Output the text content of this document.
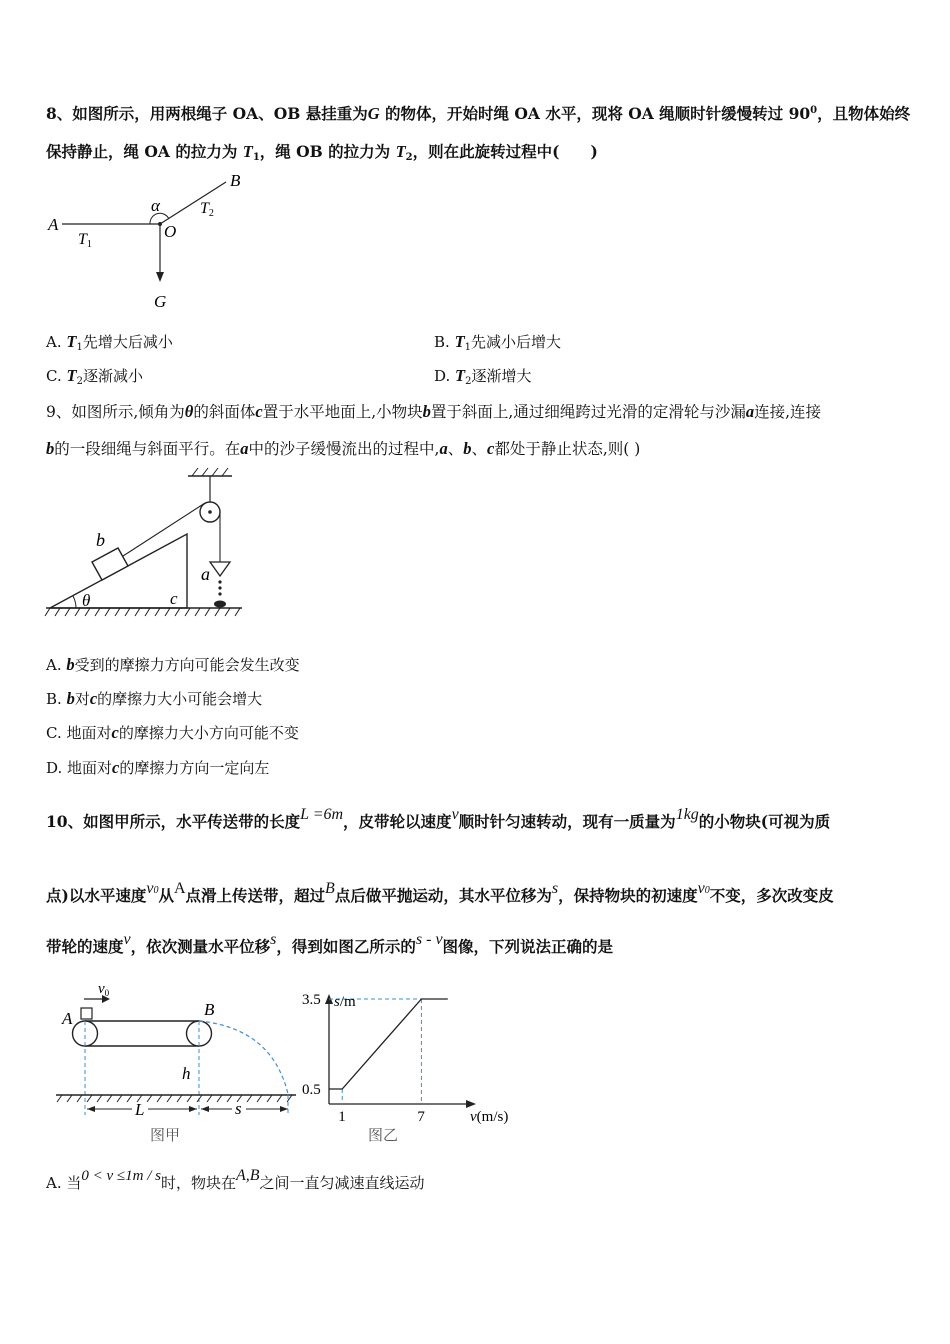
8、如图所示，用两根绳子 OA、OB 悬挂重为G 的物体，开始时绳 OA 水平，现将 OA 绳顺时针缓慢转过 $90^0$，且物体始终
保持静止，绳 OA 的拉力为 $T_1$，绳 OB 的拉力为 $T_2$，则在此旋转过程中(　　)
A
T1
α
O
B
T2
G
A. $T_1$先增大后减小	B. $T_1$先减小后增大
C. $T_2$逐渐减小	D. $T_2$逐渐增大
9、如图所示,倾角为θ的斜面体c置于水平地面上,小物块b置于斜面上,通过细绳跨过光滑的定滑轮与沙漏a连接,连接
b的一段细绳与斜面平行。在a中的沙子缓慢流出的过程中,a、b、c都处于静止状态,则( )
b
a
θ	c
A. b受到的摩擦力方向可能会发生改变
B. b对c的摩擦力大小可能会增大
C. 地面对c的摩擦力大小方向可能不变
D. 地面对c的摩擦力方向一定向左
10、如图甲所示，水平传送带的长度L =6m，皮带轮以速度v顺时针匀速转动，现有一质量为1kg的小物块(可视为质
点)以水平速度$v^0$从A点滑上传送带，超过B点后做平抛运动，其水平位移为s，保持物块的初速度$v^0$不变，多次改变皮
带轮的速度v，依次测量水平位移s，得到如图乙所示的s - v图像，下列说法正确的是
$v_0$
A	B
h
L	s
图甲
s/m
3.5
0.5
1	7	v(m/s)
图乙
A. 当0 < v ≤1m / s时，物块在A,B之间一直匀减速直线运动
